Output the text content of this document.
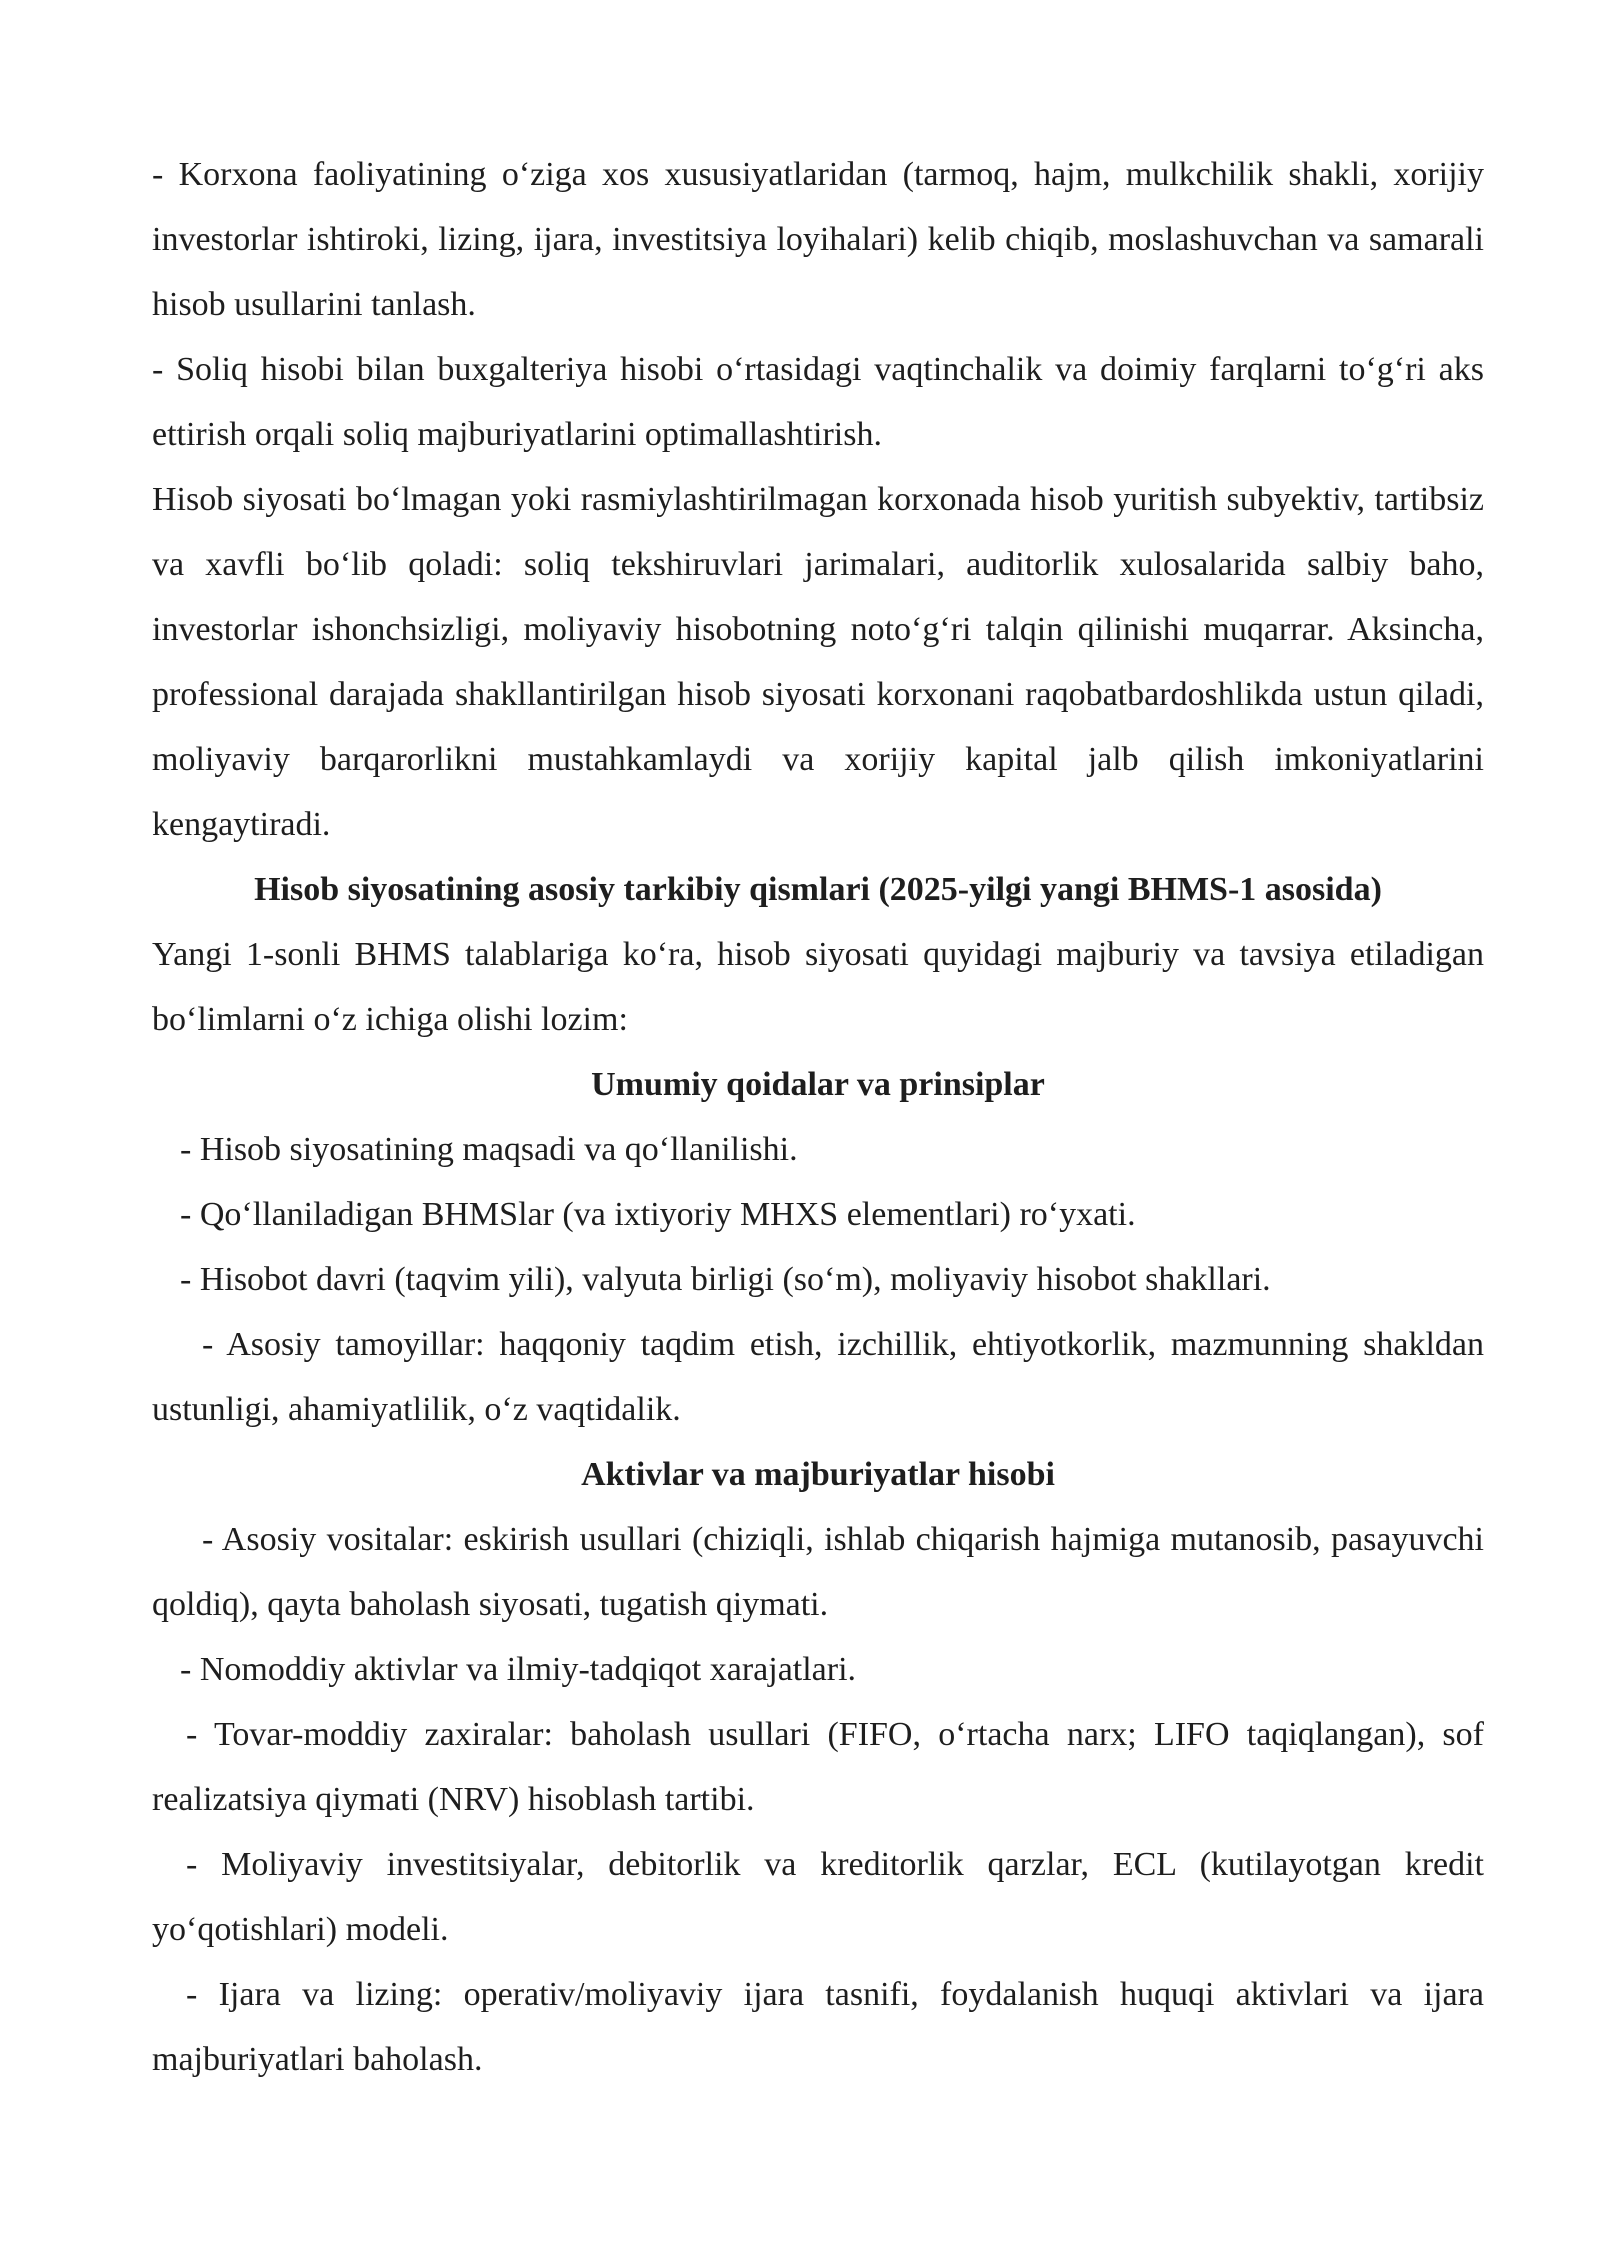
- Korxona faoliyatining o‘ziga xos xususiyatlaridan (tarmoq, hajm, mulkchilik shakli, xorijiy investorlar ishtiroki, lizing, ijara, investitsiya loyihalari) kelib chiqib, moslashuvchan va samarali hisob usullarini tanlash.

- Soliq hisobi bilan buxgalteriya hisobi o‘rtasidagi vaqtinchalik va doimiy farqlarni to‘g‘ri aks ettirish orqali soliq majburiyatlarini optimallashtirish.

Hisob siyosati bo‘lmagan yoki rasmiylashtirilmagan korxonada hisob yuritish subyektiv, tartibsiz va xavfli bo‘lib qoladi: soliq tekshiruvlari jarimalari, auditorlik xulosalarida salbiy baho, investorlar ishonchsizligi, moliyaviy hisobotning noto‘g‘ri talqin qilinishi muqarrar. Aksincha, professional darajada shakllantirilgan hisob siyosati korxonani raqobatbardoshlikda ustun qiladi, moliyaviy barqarorlikni mustahkamlaydi va xorijiy kapital jalb qilish imkoniyatlarini kengaytiradi.

Hisob siyosatining asosiy tarkibiy qismlari (2025-yilgi yangi BHMS-1 asosida)

Yangi 1-sonli BHMS talablariga ko‘ra, hisob siyosati quyidagi majburiy va tavsiya etiladigan bo‘limlarni o‘z ichiga olishi lozim:

Umumiy qoidalar va prinsiplar

- Hisob siyosatining maqsadi va qo‘llanilishi.

- Qo‘llaniladigan BHMSlar (va ixtiyoriy MHXS elementlari) ro‘yxati.

- Hisobot davri (taqvim yili), valyuta birligi (so‘m), moliyaviy hisobot shakllari.

- Asosiy tamoyillar: haqqoniy taqdim etish, izchillik, ehtiyotkorlik, mazmunning shakldan ustunligi, ahamiyatlilik, o‘z vaqtidalik.

Aktivlar va majburiyatlar hisobi

- Asosiy vositalar: eskirish usullari (chiziqli, ishlab chiqarish hajmiga mutanosib, pasayuvchi qoldiq), qayta baholash siyosati, tugatish qiymati.

- Nomoddiy aktivlar va ilmiy-tadqiqot xarajatlari.

- Tovar-moddiy zaxiralar: baholash usullari (FIFO, o‘rtacha narx; LIFO taqiqlangan), sof realizatsiya qiymati (NRV) hisoblash tartibi.

- Moliyaviy investitsiyalar, debitorlik va kreditorlik qarzlar, ECL (kutilayotgan kredit yo‘qotishlari) modeli.

- Ijara va lizing: operativ/moliyaviy ijara tasnifi, foydalanish huquqi aktivlari va ijara majburiyatlari baholash.
